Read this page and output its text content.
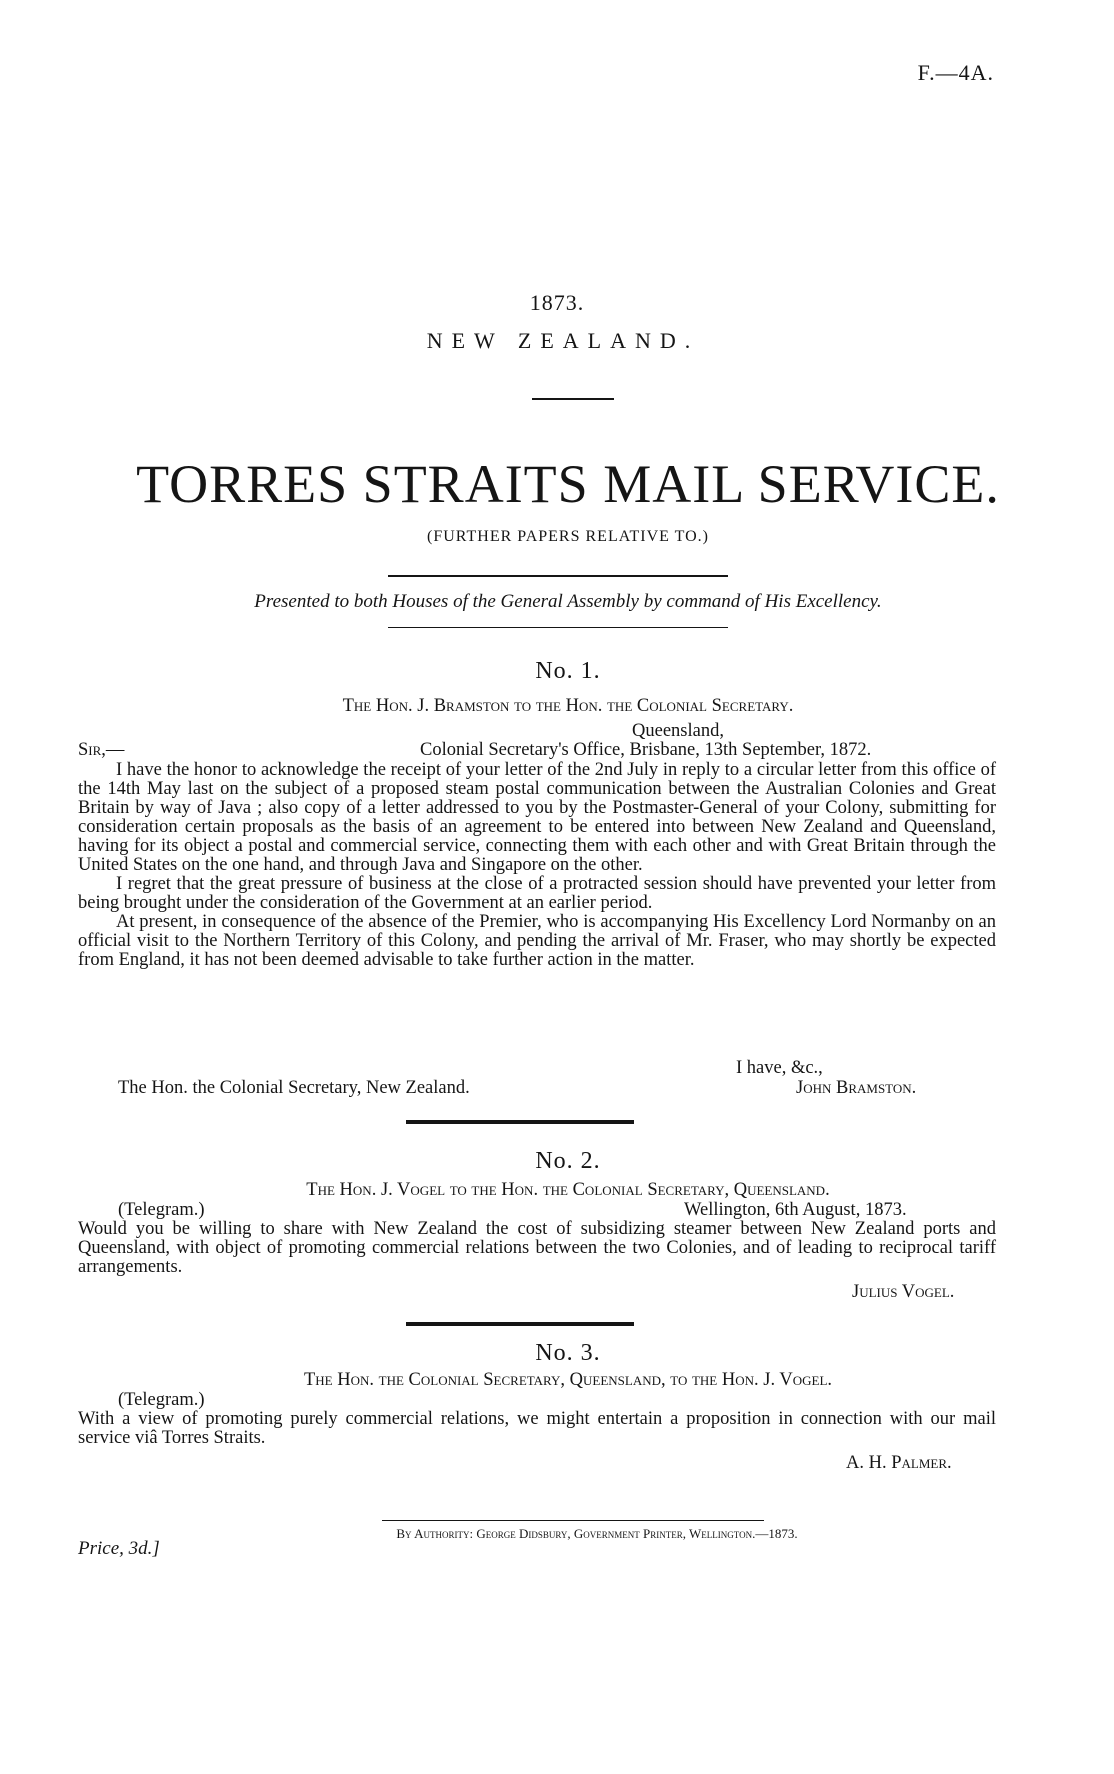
F.—4A.
1873.
NEW ZEALAND.
TORRES STRAITS MAIL SERVICE.
(FURTHER PAPERS RELATIVE TO.)
Presented to both Houses of the General Assembly by command of His Excellency.
No. 1.
The Hon. J. Bramston to the Hon. the Colonial Secretary.
Queensland,
Sir,—	Colonial Secretary's Office, Brisbane, 13th September, 1872.

I have the honor to acknowledge the receipt of your letter of the 2nd July in reply to a circular letter from this office of the 14th May last on the subject of a proposed steam postal communication between the Australian Colonies and Great Britain by way of Java ; also copy of a letter addressed to you by the Postmaster-General of your Colony, submitting for consideration certain proposals as the basis of an agreement to be entered into between New Zealand and Queensland, having for its object a postal and commercial service, connecting them with each other and with Great Britain through the United States on the one hand, and through Java and Singapore on the other.

I regret that the great pressure of business at the close of a protracted session should have prevented your letter from being brought under the consideration of the Government at an earlier period.

At present, in consequence of the absence of the Premier, who is accompanying His Excellency Lord Normanby on an official visit to the Northern Territory of this Colony, and pending the arrival of Mr. Fraser, who may shortly be expected from England, it has not been deemed advisable to take further action in the matter.

I have, &c.,
The Hon. the Colonial Secretary, New Zealand.	John Bramston.
No. 2.
The Hon. J. Vogel to the Hon. the Colonial Secretary, Queensland.
(Telegram.)	Wellington, 6th August, 1873.

Would you be willing to share with New Zealand the cost of subsidizing steamer between New Zealand ports and Queensland, with object of promoting commercial relations between the two Colonies, and of leading to reciprocal tariff arrangements.

Julius Vogel.
No. 3.
The Hon. the Colonial Secretary, Queensland, to the Hon. J. Vogel.
(Telegram.)

With a view of promoting purely commercial relations, we might entertain a proposition in connection with our mail service viâ Torres Straits.

A. H. Palmer.
By Authority: George Didsbury, Government Printer, Wellington.—1873.
Price, 3d.]
